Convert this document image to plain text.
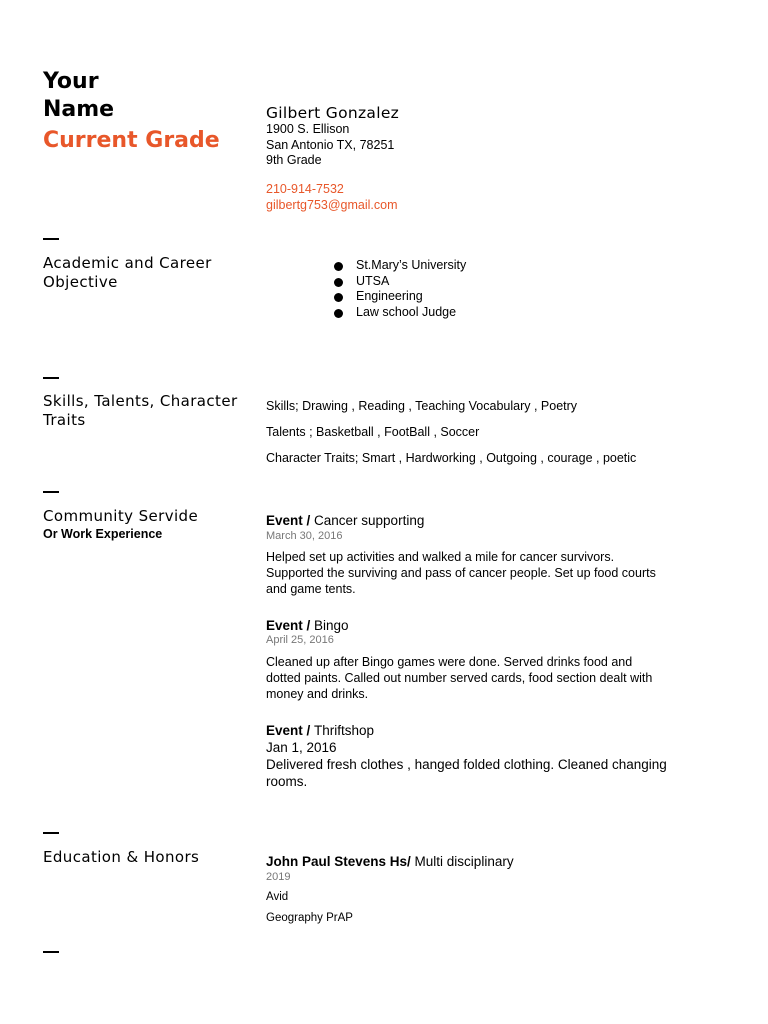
Your
Name
Current Grade
Gilbert Gonzalez
1900 S. Ellison
San Antonio TX, 78251
9th Grade
210-914-7532
gilbertg753@gmail.com
Academic and Career Objective
St.Mary’s University
UTSA
Engineering
Law school Judge
Skills, Talents, Character Traits
Skills; Drawing , Reading , Teaching Vocabulary , Poetry
Talents ; Basketball , FootBall , Soccer
Character Traits; Smart , Hardworking , Outgoing , courage , poetic
Community Servide
Or Work Experience
Event / Cancer supporting
March 30, 2016
Helped set up activities and walked a mile for cancer survivors. Supported the surviving and pass of cancer people. Set up food courts and game tents.
Event / Bingo
April 25, 2016
Cleaned up after Bingo games were done. Served drinks food and dotted paints. Called out number served cards, food section dealt with money and drinks.
Event / Thriftshop
Jan 1, 2016
Delivered fresh clothes , hanged folded clothing. Cleaned changing rooms.
Education & Honors	John Paul Stevens Hs/ Multi disciplinary
2019
Avid
Geography PrAP
